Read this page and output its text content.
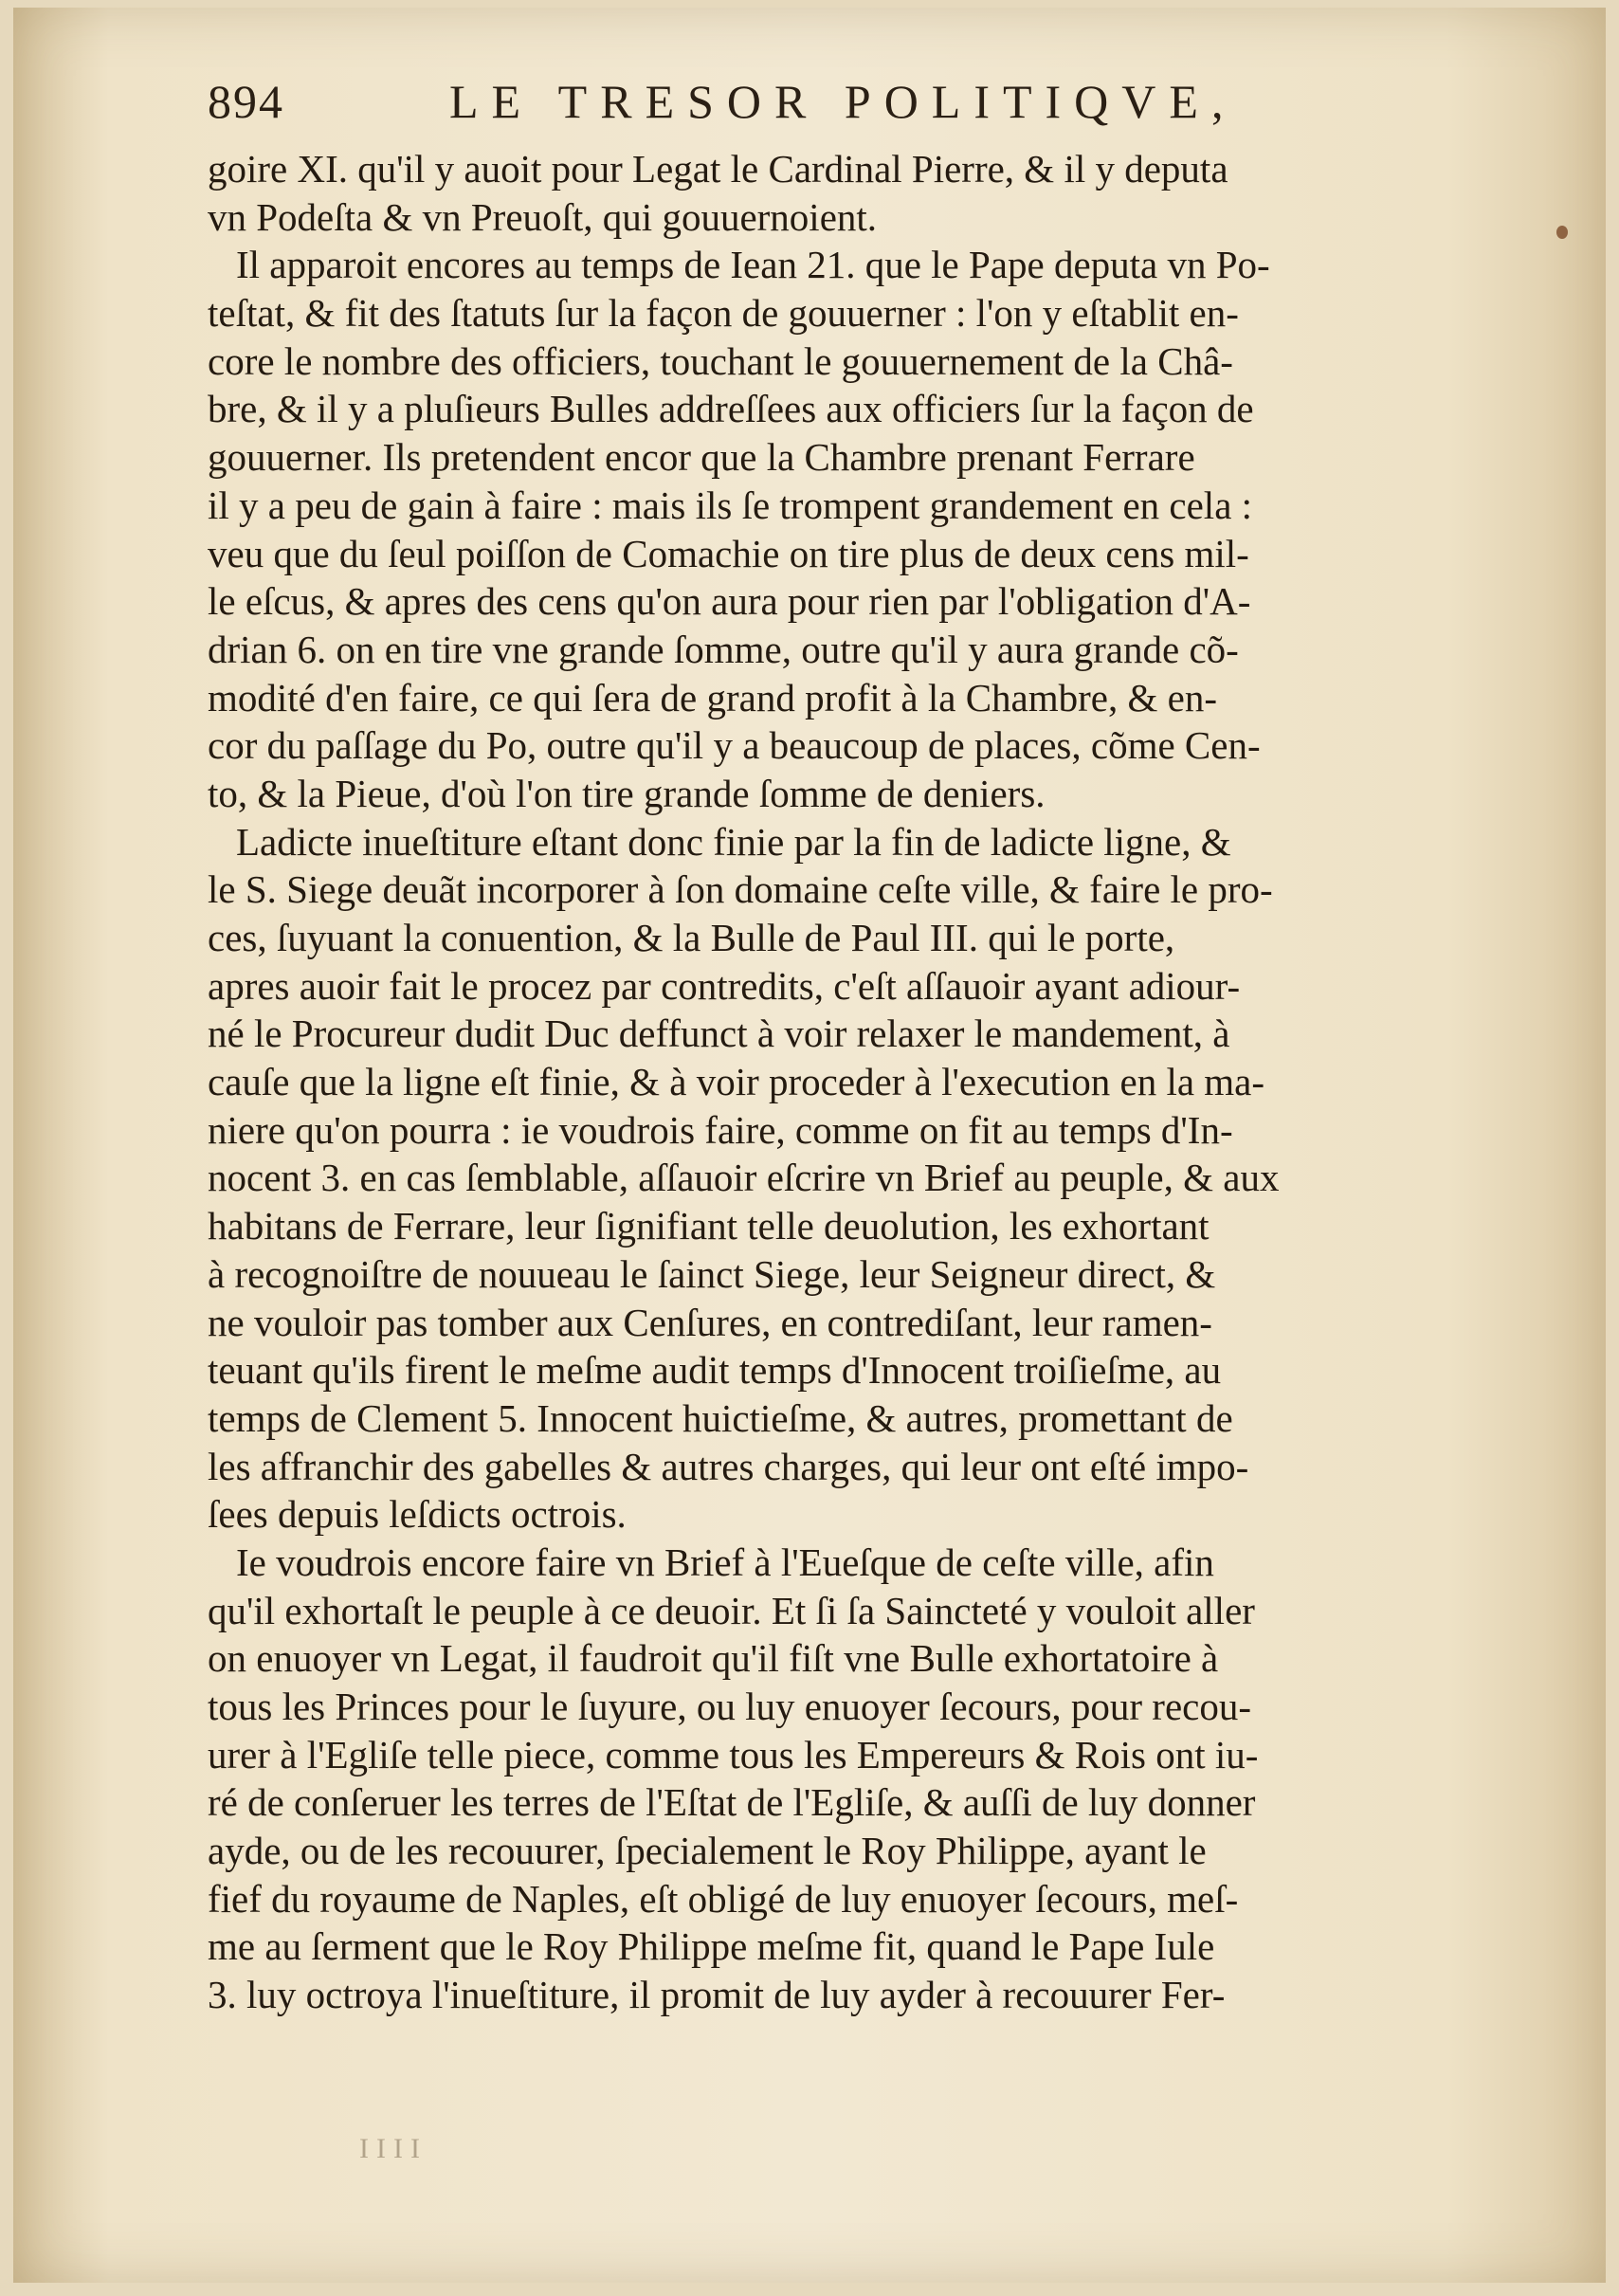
894	LE TRESOR POLITIQVE,
goire XI. qu'il y auoit pour Legat le Cardinal Pierre, & il y deputa
vn Podeſta & vn Preuoſt, qui gouuernoient.
Il apparoit encores au temps de Iean 21. que le Pape deputa vn Po-
teſtat, & fit des ſtatuts ſur la façon de gouuerner : l'on y eſtablit en-
core le nombre des officiers, touchant le gouuernement de la Châ-
bre, & il y a pluſieurs Bulles addreſſees aux officiers ſur la façon de
gouuerner. Ils pretendent encor que la Chambre prenant Ferrare
il y a peu de gain à faire : mais ils ſe trompent grandement en cela :
veu que du ſeul poiſſon de Comachie on tire plus de deux cens mil-
le eſcus, & apres des cens qu'on aura pour rien par l'obligation d'A-
drian 6. on en tire vne grande ſomme, outre qu'il y aura grande cõ-
modité d'en faire, ce qui ſera de grand profit à la Chambre, & en-
cor du paſſage du Po, outre qu'il y a beaucoup de places, cõme Cen-
to, & la Pieue, d'où l'on tire grande ſomme de deniers.
Ladicte inueſtiture eſtant donc finie par la fin de ladicte ligne, &
le S. Siege deuãt incorporer à ſon domaine ceſte ville, & faire le pro-
ces, ſuyuant la conuention, & la Bulle de Paul III. qui le porte,
apres auoir fait le procez par contredits, c'eſt aſſauoir ayant adiour-
né le Procureur dudit Duc deffunct à voir relaxer le mandement, à
cauſe que la ligne eſt finie, & à voir proceder à l'execution en la ma-
niere qu'on pourra : ie voudrois faire, comme on fit au temps d'In-
nocent 3. en cas ſemblable, aſſauoir eſcrire vn Brief au peuple, & aux
habitans de Ferrare, leur ſignifiant telle deuolution, les exhortant
à recognoiſtre de nouueau le ſainct Siege, leur Seigneur direct, &
ne vouloir pas tomber aux Cenſures, en contrediſant, leur ramen-
teuant qu'ils firent le meſme audit temps d'Innocent troiſieſme, au
temps de Clement 5. Innocent huictieſme, & autres, promettant de
les affranchir des gabelles & autres charges, qui leur ont eſté impo-
ſees depuis leſdicts octrois.
Ie voudrois encore faire vn Brief à l'Eueſque de ceſte ville, afin
qu'il exhortaſt le peuple à ce deuoir. Et ſi ſa Saincteté y vouloit aller
on enuoyer vn Legat, il faudroit qu'il fiſt vne Bulle exhortatoire à
tous les Princes pour le ſuyure, ou luy enuoyer ſecours, pour recou-
urer à l'Egliſe telle piece, comme tous les Empereurs & Rois ont iu-
ré de conſeruer les terres de l'Eſtat de l'Egliſe, & auſſi de luy donner
ayde, ou de les recouurer, ſpecialement le Roy Philippe, ayant le
fief du royaume de Naples, eſt obligé de luy enuoyer ſecours, meſ-
me au ſerment que le Roy Philippe meſme fit, quand le Pape Iule
3. luy octroya l'inueſtiture, il promit de luy ayder à recouurer Fer-
IIII
